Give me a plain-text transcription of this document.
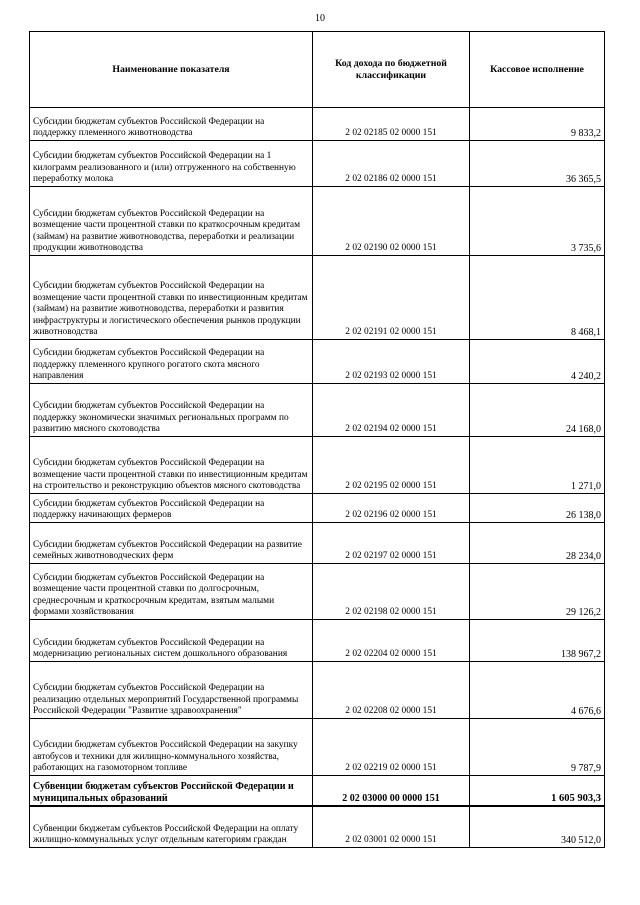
10
Наименование показателя	Код дохода по бюджетной классификации	Кассовое исполнение
Субсидии бюджетам субъектов Российской Федерации на поддержку племенного животноводства	2 02 02185 02 0000 151	9 833,2
Субсидии бюджетам субъектов Российской Федерации на 1 килограмм реализованного и (или) отгруженного на собственную переработку молока	2 02 02186 02 0000 151	36 365,5
Субсидии бюджетам субъектов Российской Федерации на возмещение части процентной ставки по краткосрочным кредитам (займам) на развитие животноводства, переработки и реализации продукции животноводства	2 02 02190 02 0000 151	3 735,6
Субсидии бюджетам субъектов Российской Федерации на возмещение части процентной ставки по инвестиционным кредитам (займам) на развитие животноводства, переработки и развития инфраструктуры и логистического обеспечения рынков продукции животноводства	2 02 02191 02 0000 151	8 468,1
Субсидии бюджетам субъектов Российской Федерации на поддержку племенного крупного рогатого скота мясного направления	2 02 02193 02 0000 151	4 240,2
Субсидии бюджетам субъектов Российской Федерации на поддержку экономически значимых региональных программ по развитию мясного скотоводства	2 02 02194 02 0000 151	24 168,0
Субсидии бюджетам субъектов Российской Федерации на возмещение части процентной ставки по инвестиционным кредитам на строительство и реконструкцию объектов мясного скотоводства	2 02 02195 02 0000 151	1 271,0
Субсидии бюджетам субъектов Российской Федерации на поддержку начинающих фермеров	2 02 02196 02 0000 151	26 138,0
Субсидии бюджетам субъектов Российской Федерации на развитие семейных животноводческих ферм	2 02 02197 02 0000 151	28 234,0
Субсидии бюджетам субъектов Российской Федерации на возмещение части процентной ставки по долгосрочным, среднесрочным и краткосрочным кредитам, взятым малыми формами хозяйствования	2 02 02198 02 0000 151	29 126,2
Субсидии бюджетам субъектов Российской Федерации на модернизацию региональных систем дошкольного образования	2 02 02204 02 0000 151	138 967,2
Субсидии бюджетам субъектов Российской Федерации на реализацию отдельных мероприятий Государственной программы Российской Федерации "Развитие здравоохранения"	2 02 02208 02 0000 151	4 676,6
Субсидии бюджетам субъектов Российской Федерации на закупку автобусов и техники для жилищно-коммунального хозяйства, работающих на газомоторном топливе	2 02 02219 02 0000 151	9 787,9
Субвенции бюджетам субъектов Российской Федерации и муниципальных образований	2 02 03000 00 0000 151	1 605 903,3
Субвенции бюджетам субъектов Российской Федерации на оплату жилищно-коммунальных услуг отдельным категориям граждан	2 02 03001 02 0000 151	340 512,0
